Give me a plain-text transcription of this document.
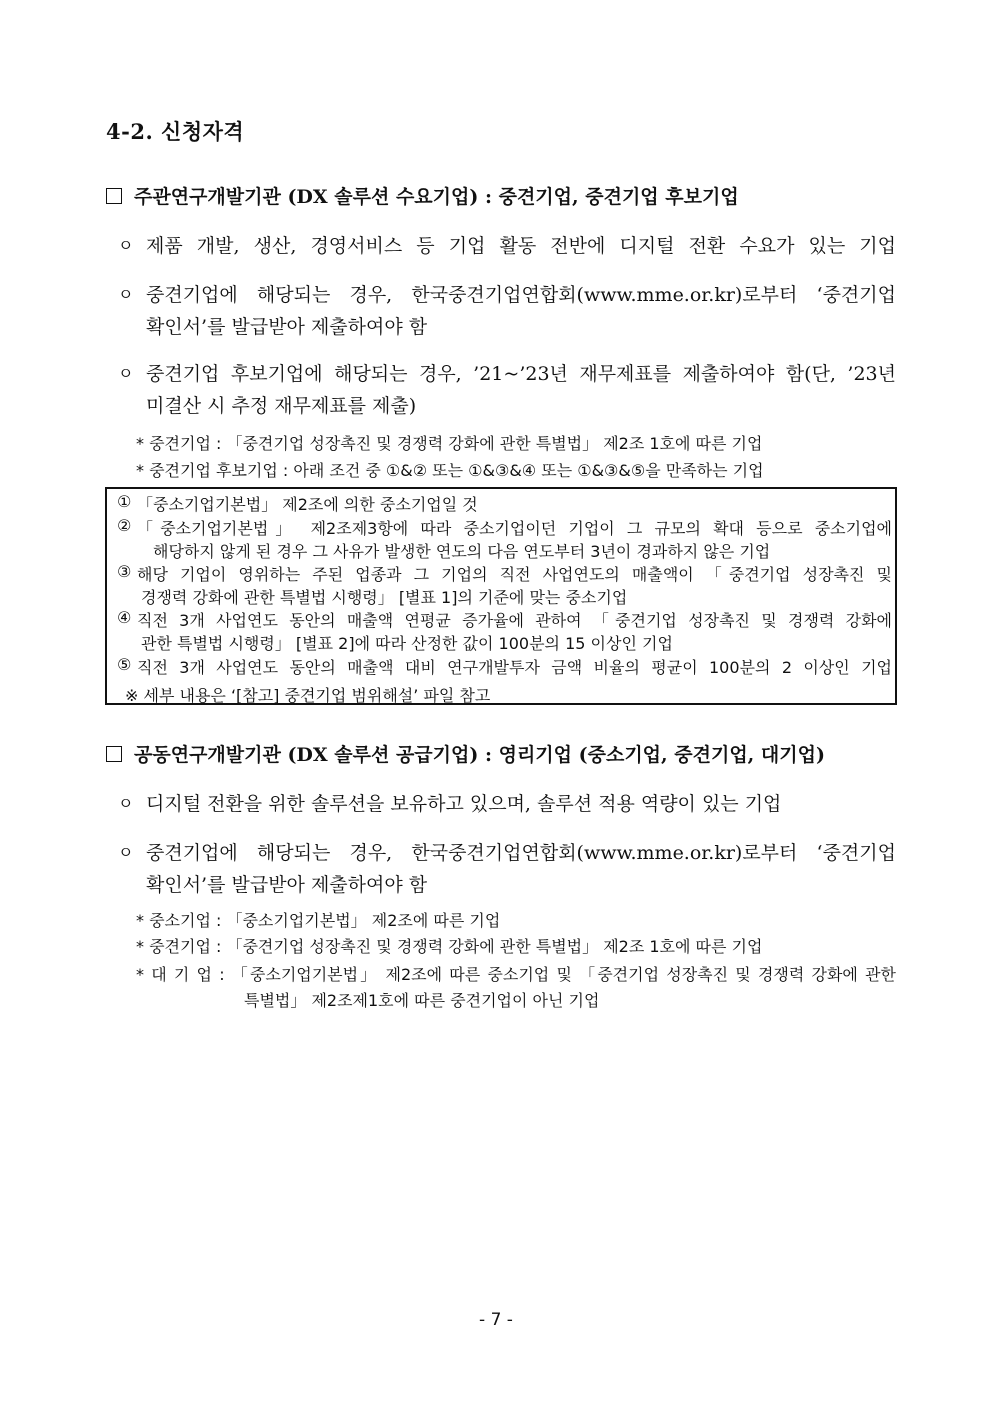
4-2. 신청자격
주관연구개발기관 (DX 솔루션 수요기업) : 중견기업, 중견기업 후보기업
ㅇ 제품 개발, 생산, 경영서비스 등 기업 활동 전반에 디지털 전환 수요가 있는 기업
ㅇ 중견기업에 해당되는 경우, 한국중견기업연합회(www.mme.or.kr)로부터 ‘중견기업
확인서’를 발급받아 제출하여야 함
ㅇ 중견기업 후보기업에 해당되는 경우, ’21~’23년 재무제표를 제출하여야 함(단, ’23년
미결산 시 추정 재무제표를 제출)
* 중견기업 : 「중견기업 성장촉진 및 경쟁력 강화에 관한 특별법」 제2조 1호에 따른 기업
* 중견기업 후보기업 : 아래 조건 중 ①&② 또는 ①&③&④ 또는 ①&③&⑤을 만족하는 기업
① 「중소기업기본법」 제2조에 의한 중소기업일 것
② 「중소기업기본법」 제2조제3항에 따라 중소기업이던 기업이 그 규모의 확대 등으로 중소기업에
해당하지 않게 된 경우 그 사유가 발생한 연도의 다음 연도부터 3년이 경과하지 않은 기업
③ 해당 기업이 영위하는 주된 업종과 그 기업의 직전 사업연도의 매출액이 「중견기업 성장촉진 및
경쟁력 강화에 관한 특별법 시행령」 [별표 1]의 기준에 맞는 중소기업
④ 직전 3개 사업연도 동안의 매출액 연평균 증가율에 관하여 「중견기업 성장촉진 및 경쟁력 강화에
관한 특별법 시행령」 [별표 2]에 따라 산정한 값이 100분의 15 이상인 기업
⑤ 직전 3개 사업연도 동안의 매출액 대비 연구개발투자 금액 비율의 평균이 100분의 2 이상인 기업
※ 세부 내용은 ‘[참고] 중견기업 범위해설’ 파일 참고
공동연구개발기관 (DX 솔루션 공급기업) : 영리기업 (중소기업, 중견기업, 대기업)
ㅇ 디지털 전환을 위한 솔루션을 보유하고 있으며, 솔루션 적용 역량이 있는 기업
ㅇ 중견기업에 해당되는 경우, 한국중견기업연합회(www.mme.or.kr)로부터 ‘중견기업
확인서’를 발급받아 제출하여야 함
* 중소기업 : 「중소기업기본법」 제2조에 따른 기업
* 중견기업 : 「중견기업 성장촉진 및 경쟁력 강화에 관한 특별법」 제2조 1호에 따른 기업
* 대 기 업 : 「중소기업기본법」 제2조에 따른 중소기업 및 「중견기업 성장촉진 및 경쟁력 강화에 관한
특별법」 제2조제1호에 따른 중견기업이 아닌 기업
- 7 -
